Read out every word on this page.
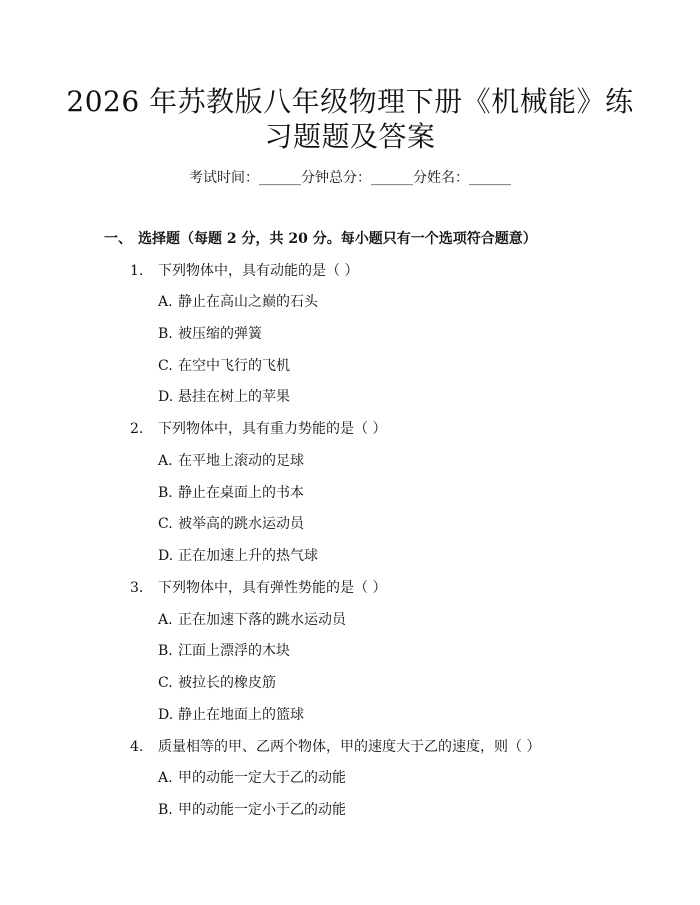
2026 年苏教版八年级物理下册《机械能》练
习题题及答案
考试时间：______分钟总分：______分姓名：______
一、 选择题（每题 2 分，共 20 分。每小题只有一个选项符合题意）
1. 下列物体中，具有动能的是（ ）
A. 静止在高山之巅的石头
B. 被压缩的弹簧
C. 在空中飞行的飞机
D. 悬挂在树上的苹果
2. 下列物体中，具有重力势能的是（ ）
A. 在平地上滚动的足球
B. 静止在桌面上的书本
C. 被举高的跳水运动员
D. 正在加速上升的热气球
3. 下列物体中，具有弹性势能的是（ ）
A. 正在加速下落的跳水运动员
B. 江面上漂浮的木块
C. 被拉长的橡皮筋
D. 静止在地面上的篮球
4. 质量相等的甲、乙两个物体，甲的速度大于乙的速度，则（ ）
A. 甲的动能一定大于乙的动能
B. 甲的动能一定小于乙的动能
